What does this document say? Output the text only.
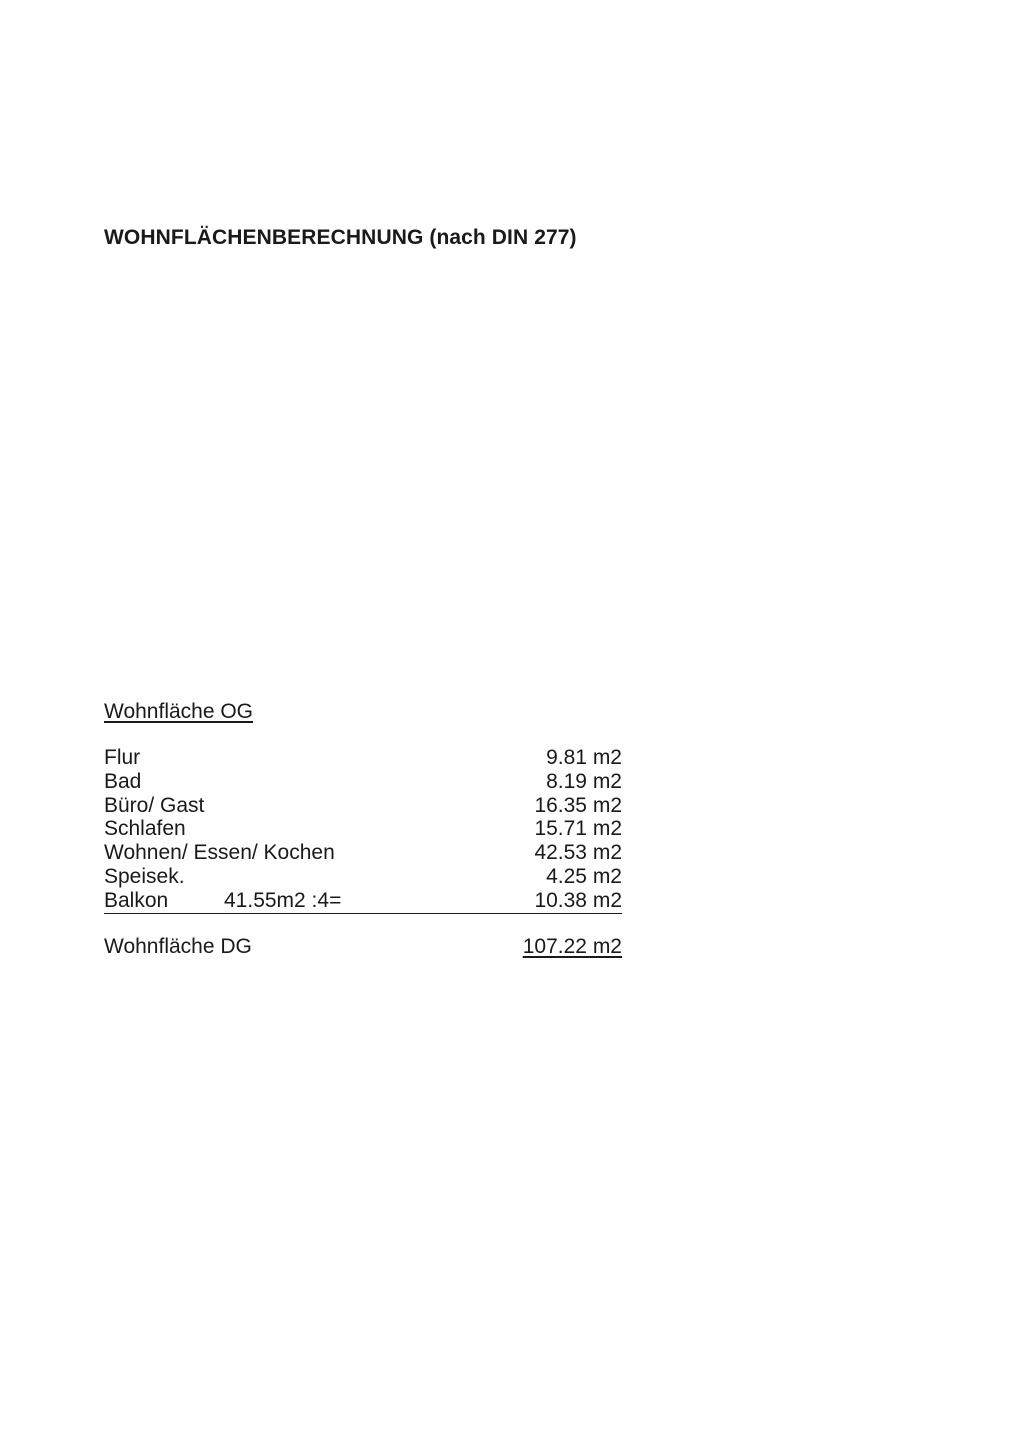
WOHNFLÄCHENBERECHNUNG (nach DIN 277)
Wohnfläche OG
Flur	9.81 m2
Bad	8.19 m2
Büro/ Gast	16.35 m2
Schlafen	15.71 m2
Wohnen/ Essen/ Kochen	42.53 m2
Speisek.	4.25 m2
Balkon	41.55m2 :4=	10.38 m2
Wohnfläche DG	107.22 m2
